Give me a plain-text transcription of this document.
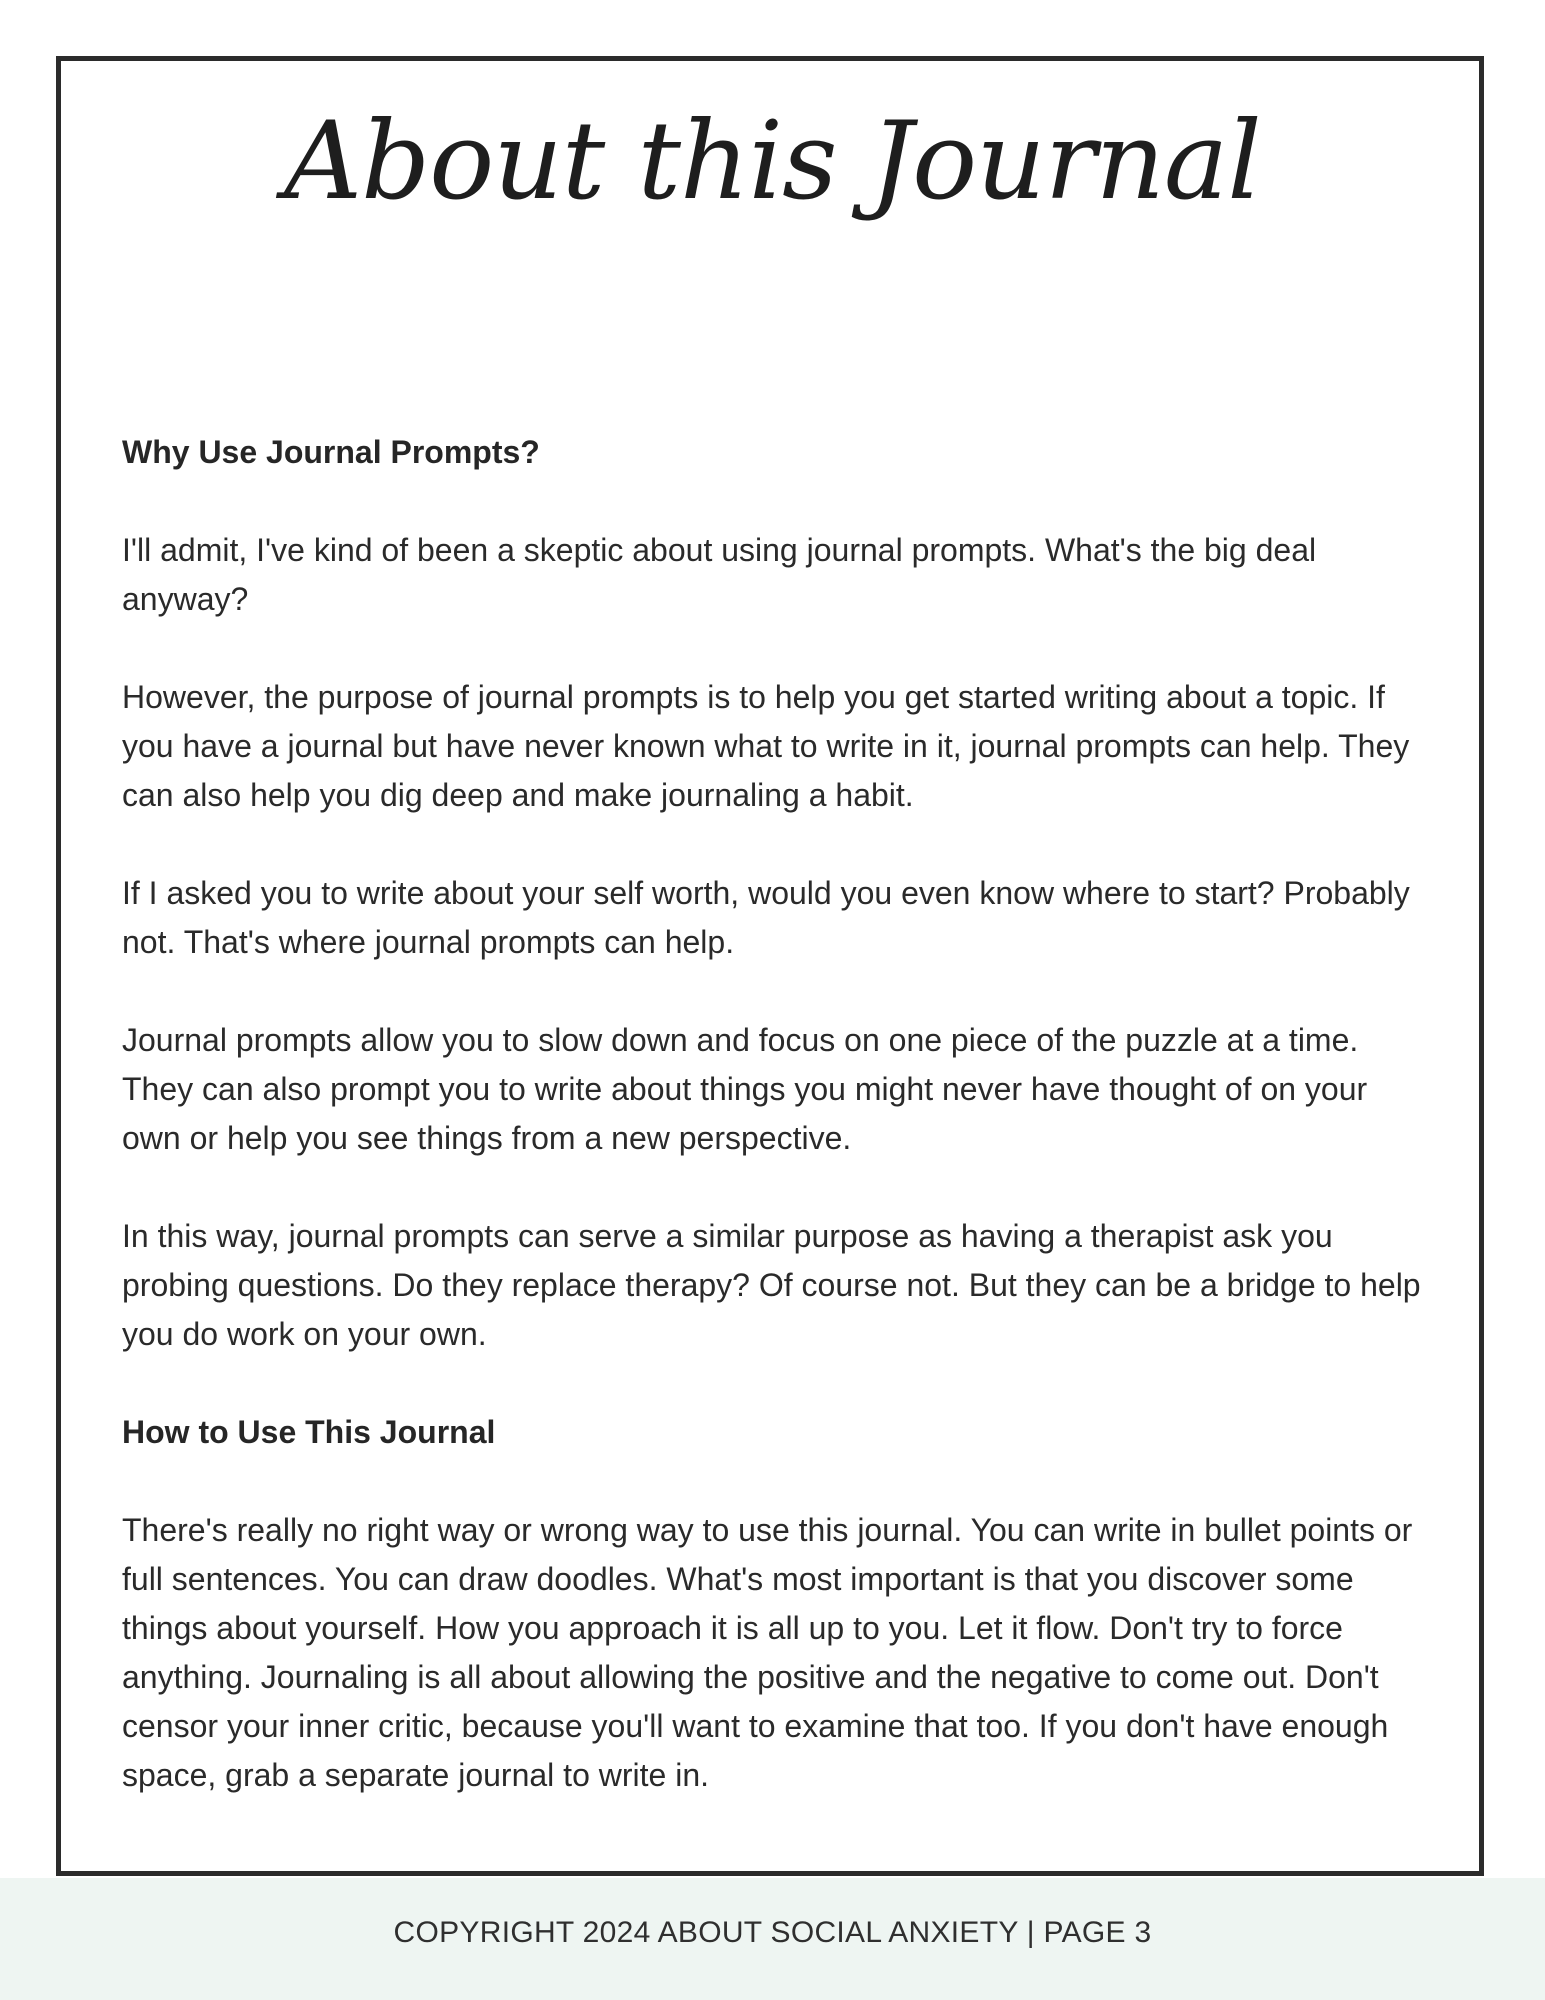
About this Journal
Why Use Journal Prompts?

I'll admit, I've kind of been a skeptic about using journal prompts. What's the big deal anyway?

However, the purpose of journal prompts is to help you get started writing about a topic. If you have a journal but have never known what to write in it, journal prompts can help. They can also help you dig deep and make journaling a habit.

If I asked you to write about your self worth, would you even know where to start? Probably not. That's where journal prompts can help.

Journal prompts allow you to slow down and focus on one piece of the puzzle at a time. They can also prompt you to write about things you might never have thought of on your own or help you see things from a new perspective.

In this way, journal prompts can serve a similar purpose as having a therapist ask you probing questions. Do they replace therapy? Of course not. But they can be a bridge to help you do work on your own.

How to Use This Journal

There's really no right way or wrong way to use this journal. You can write in bullet points or full sentences. You can draw doodles. What's most important is that you discover some things about yourself. How you approach it is all up to you. Let it flow. Don't try to force anything. Journaling is all about allowing the positive and the negative to come out. Don't censor your inner critic, because you'll want to examine that too. If you don't have enough space, grab a separate journal to write in.

COPYRIGHT 2024 ABOUT SOCIAL ANXIETY | PAGE 3
